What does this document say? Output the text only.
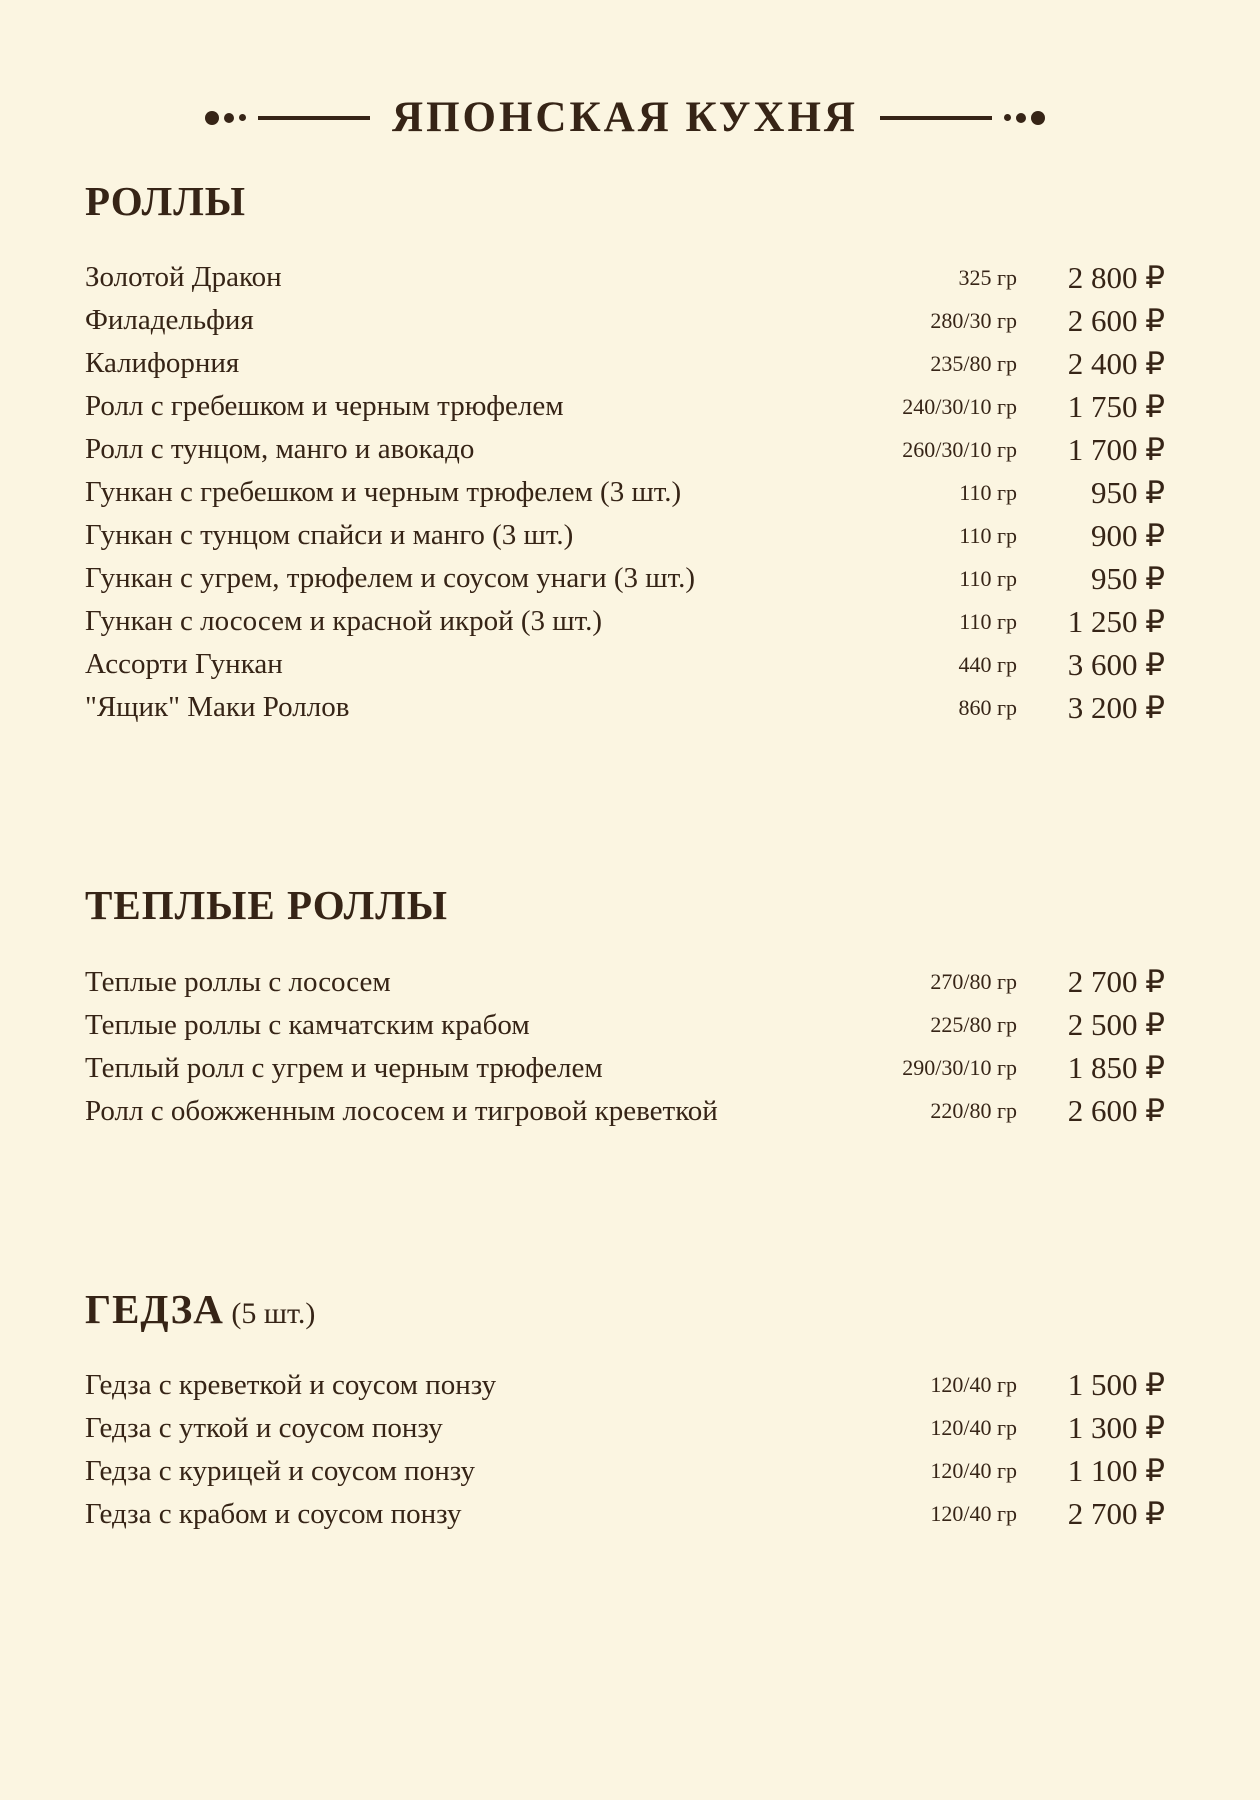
ЯПОНСКАЯ КУХНЯ
РОЛЛЫ
Золотой Дракон	325 гр	2 800 ₽
Филадельфия	280/30 гр	2 600 ₽
Калифорния	235/80 гр	2 400 ₽
Ролл с гребешком и черным трюфелем	240/30/10 гр	1 750 ₽
Ролл с тунцом, манго и авокадо	260/30/10 гр	1 700 ₽
Гункан с гребешком и черным трюфелем (3 шт.)	110 гр	950 ₽
Гункан с тунцом спайси и манго (3 шт.)	110 гр	900 ₽
Гункан с угрем, трюфелем и соусом унаги (3 шт.)	110 гр	950 ₽
Гункан с лососем и красной икрой (3 шт.)	110 гр	1 250 ₽
Ассорти Гункан	440 гр	3 600 ₽
"Ящик" Маки Роллов	860 гр	3 200 ₽
ТЕПЛЫЕ РОЛЛЫ
Теплые роллы с лососем	270/80 гр	2 700 ₽
Теплые роллы с камчатским крабом	225/80 гр	2 500 ₽
Теплый ролл с угрем и черным трюфелем	290/30/10 гр	1 850 ₽
Ролл с обожженным лососем и тигровой креветкой	220/80 гр	2 600 ₽
ГЕДЗА (5 шт.)
Гедза с креветкой и соусом понзу	120/40 гр	1 500 ₽
Гедза с уткой и соусом понзу	120/40 гр	1 300 ₽
Гедза с курицей и соусом понзу	120/40 гр	1 100 ₽
Гедза с крабом и соусом понзу	120/40 гр	2 700 ₽
